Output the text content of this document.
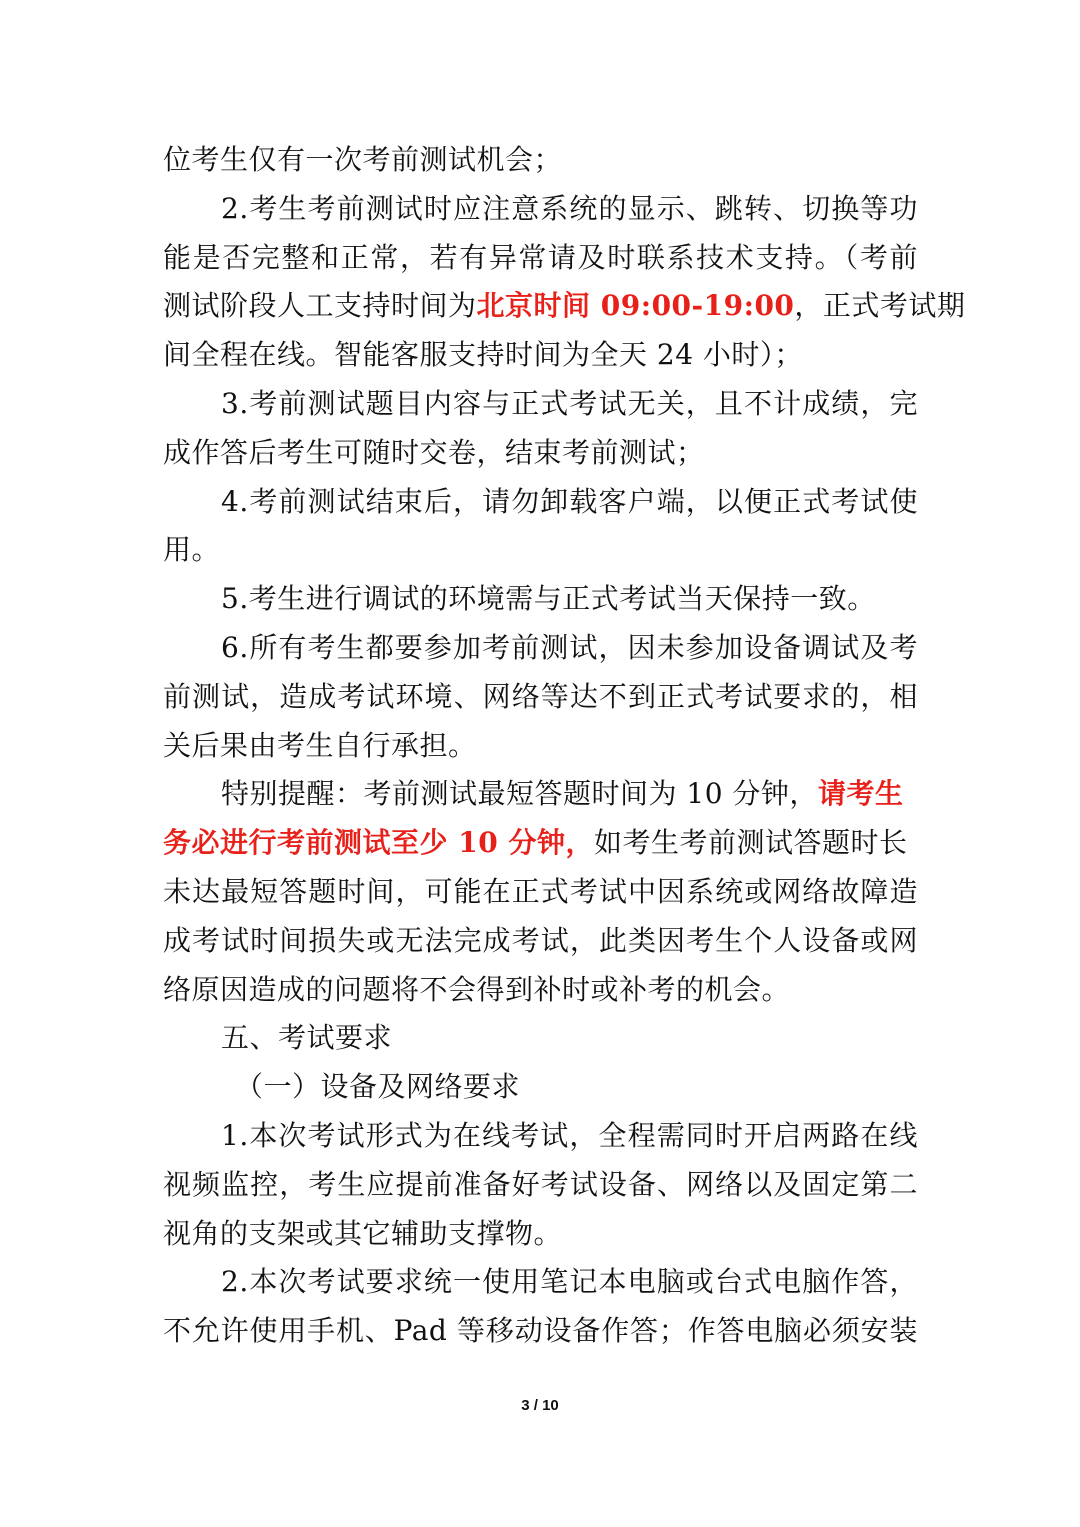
位考生仅有一次考前测试机会；
2.考生考前测试时应注意系统的显示、跳转、切换等功
能是否完整和正常，若有异常请及时联系技术支持。（考前
测试阶段人工支持时间为北京时间 09:00-19:00，正式考试期
间全程在线。智能客服支持时间为全天 24 小时）；
3.考前测试题目内容与正式考试无关，且不计成绩，完
成作答后考生可随时交卷，结束考前测试；
4.考前测试结束后，请勿卸载客户端，以便正式考试使
用。
5.考生进行调试的环境需与正式考试当天保持一致。
6.所有考生都要参加考前测试，因未参加设备调试及考
前测试，造成考试环境、网络等达不到正式考试要求的，相
关后果由考生自行承担。
特别提醒：考前测试最短答题时间为 10 分钟，请考生
务必进行考前测试至少 10 分钟，如考生考前测试答题时长
未达最短答题时间，可能在正式考试中因系统或网络故障造
成考试时间损失或无法完成考试，此类因考生个人设备或网
络原因造成的问题将不会得到补时或补考的机会。
五、考试要求
（一）设备及网络要求
1.本次考试形式为在线考试，全程需同时开启两路在线
视频监控，考生应提前准备好考试设备、网络以及固定第二
视角的支架或其它辅助支撑物。
2.本次考试要求统一使用笔记本电脑或台式电脑作答，
不允许使用手机、Pad 等移动设备作答；作答电脑必须安装
3 / 10
